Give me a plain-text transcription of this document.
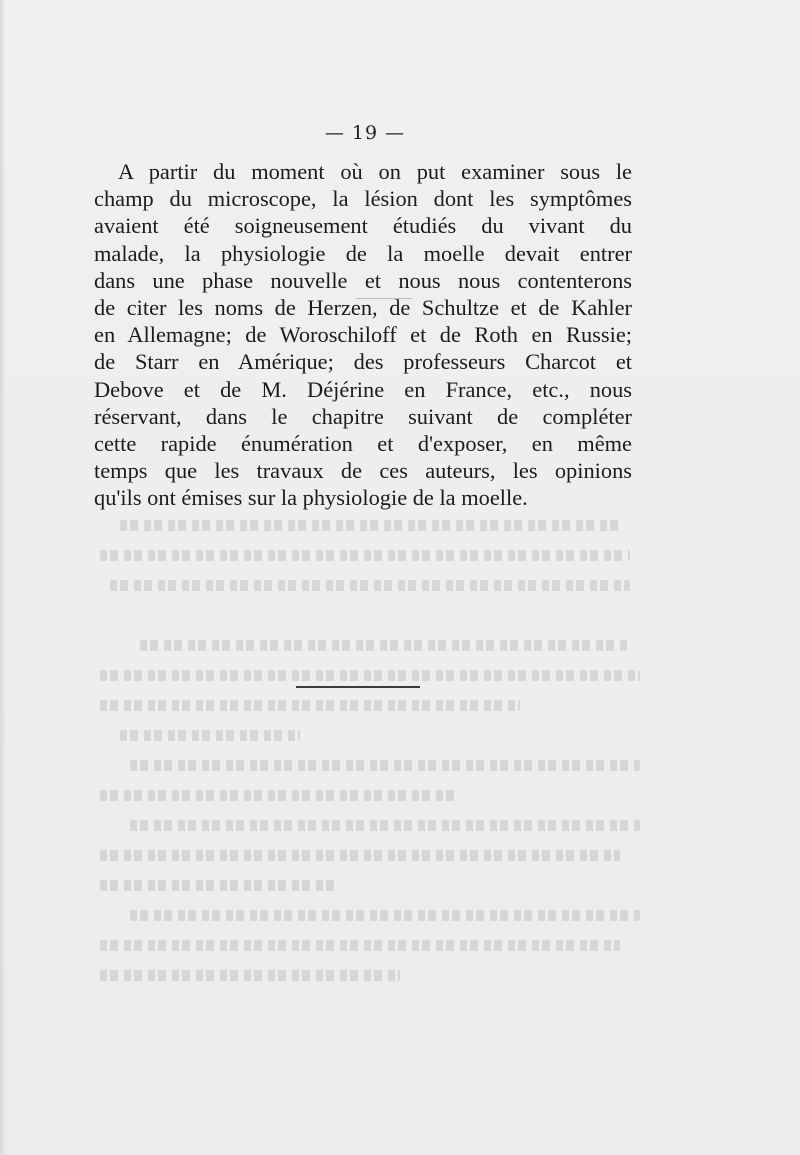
— 19 —
A partir du moment où on put examiner sous le
champ du microscope, la lésion dont les symptômes
avaient été soigneusement étudiés du vivant du
malade, la physiologie de la moelle devait entrer
dans une phase nouvelle et nous nous contenterons
de citer les noms de Herzen, de Schultze et de Kahler
en Allemagne; de Woroschiloff et de Roth en Russie;
de Starr en Amérique; des professeurs Charcot et
Debove et de M. Déjérine en France, etc., nous
réservant, dans le chapitre suivant de compléter
cette rapide énumération et d'exposer, en même
temps que les travaux de ces auteurs, les opinions
qu'ils ont émises sur la physiologie de la moelle.
